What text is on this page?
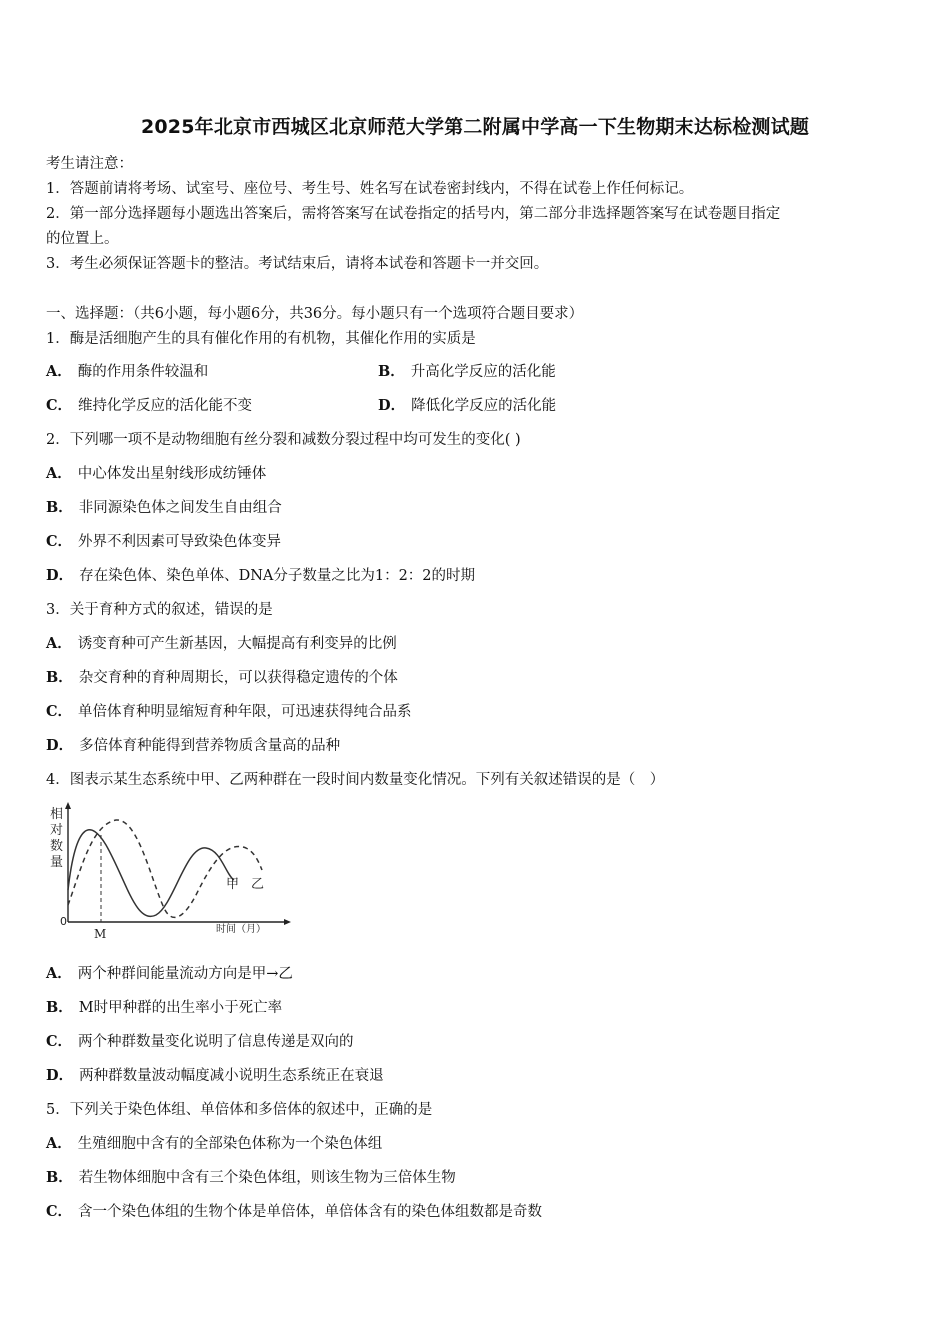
2025年北京市西城区北京师范大学第二附属中学高一下生物期末达标检测试题
考生请注意：
1．答题前请将考场、试室号、座位号、考生号、姓名写在试卷密封线内，不得在试卷上作任何标记。
2．第一部分选择题每小题选出答案后，需将答案写在试卷指定的括号内，第二部分非选择题答案写在试卷题目指定
的位置上。
3．考生必须保证答题卡的整洁。考试结束后，请将本试卷和答题卡一并交回。
一、选择题：（共6小题，每小题6分，共36分。每小题只有一个选项符合题目要求）
1．酶是活细胞产生的具有催化作用的有机物，其催化作用的实质是
A． 酶的作用条件较温和	B． 升高化学反应的活化能
C． 维持化学反应的活化能不变	D． 降低化学反应的活化能
2．下列哪一项不是动物细胞有丝分裂和减数分裂过程中均可发生的变化( )
A． 中心体发出星射线形成纺锤体
B． 非同源染色体之间发生自由组合
C． 外界不利因素可导致染色体变异
D． 存在染色体、染色单体、DNA分子数量之比为1：2：2的时期
3．关于育种方式的叙述，错误的是
A． 诱变育种可产生新基因，大幅提高有利变异的比例
B． 杂交育种的育种周期长，可以获得稳定遗传的个体
C． 单倍体育种明显缩短育种年限，可迅速获得纯合品系
D． 多倍体育种能得到营养物质含量高的品种
4．图表示某生态系统中甲、乙两种群在一段时间内数量变化情况。下列有关叙述错误的是（　）
相
对
数
量
0
M	时间（月）
甲 乙
A． 两个种群间能量流动方向是甲→乙
B． M时甲种群的出生率小于死亡率
C． 两个种群数量变化说明了信息传递是双向的
D． 两种群数量波动幅度减小说明生态系统正在衰退
5．下列关于染色体组、单倍体和多倍体的叙述中，正确的是
A． 生殖细胞中含有的全部染色体称为一个染色体组
B． 若生物体细胞中含有三个染色体组，则该生物为三倍体生物
C． 含一个染色体组的生物个体是单倍体，单倍体含有的染色体组数都是奇数
